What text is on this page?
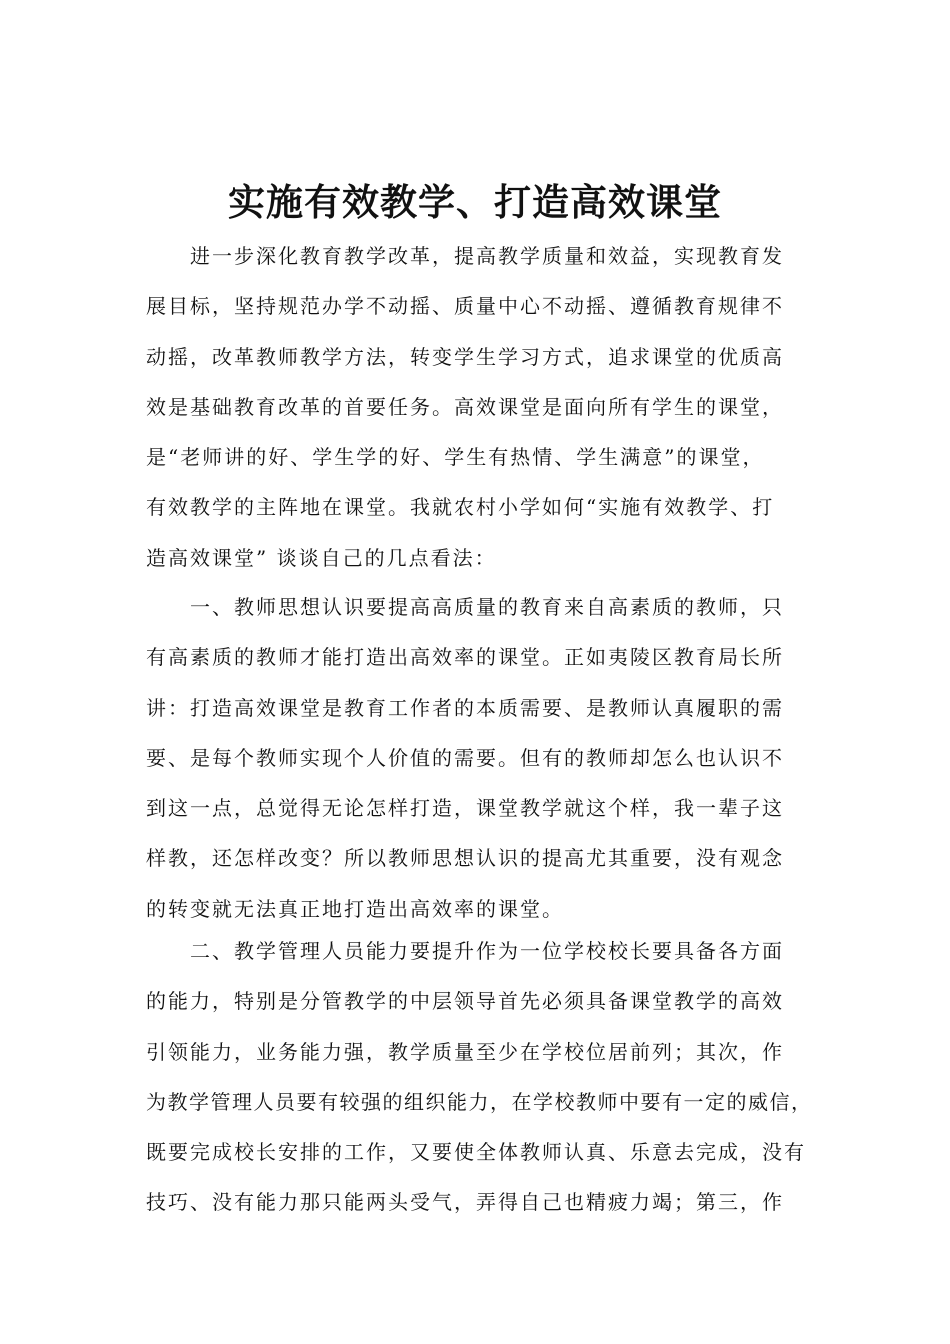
实施有效教学、打造高效课堂
　　进一步深化教育教学改革，提高教学质量和效益，实现教育发
展目标，坚持规范办学不动摇、质量中心不动摇、遵循教育规律不
动摇，改革教师教学方法，转变学生学习方式，追求课堂的优质高
效是基础教育改革的首要任务。高效课堂是面向所有学生的课堂，
是“老师讲的好、学生学的好、学生有热情、学生满意”的课堂，
有效教学的主阵地在课堂。我就农村小学如何“实施有效教学、打
造高效课堂” 谈谈自己的几点看法：
　　一、教师思想认识要提高高质量的教育来自高素质的教师，只
有高素质的教师才能打造出高效率的课堂。正如夷陵区教育局长所
讲：打造高效课堂是教育工作者的本质需要、是教师认真履职的需
要、是每个教师实现个人价值的需要。但有的教师却怎么也认识不
到这一点，总觉得无论怎样打造，课堂教学就这个样，我一辈子这
样教，还怎样改变？所以教师思想认识的提高尤其重要，没有观念
的转变就无法真正地打造出高效率的课堂。
　　二、教学管理人员能力要提升作为一位学校校长要具备各方面
的能力，特别是分管教学的中层领导首先必须具备课堂教学的高效
引领能力，业务能力强，教学质量至少在学校位居前列；其次，作
为教学管理人员要有较强的组织能力，在学校教师中要有一定的威信，
既要完成校长安排的工作，又要使全体教师认真、乐意去完成，没有
技巧、没有能力那只能两头受气，弄得自己也精疲力竭；第三，作
